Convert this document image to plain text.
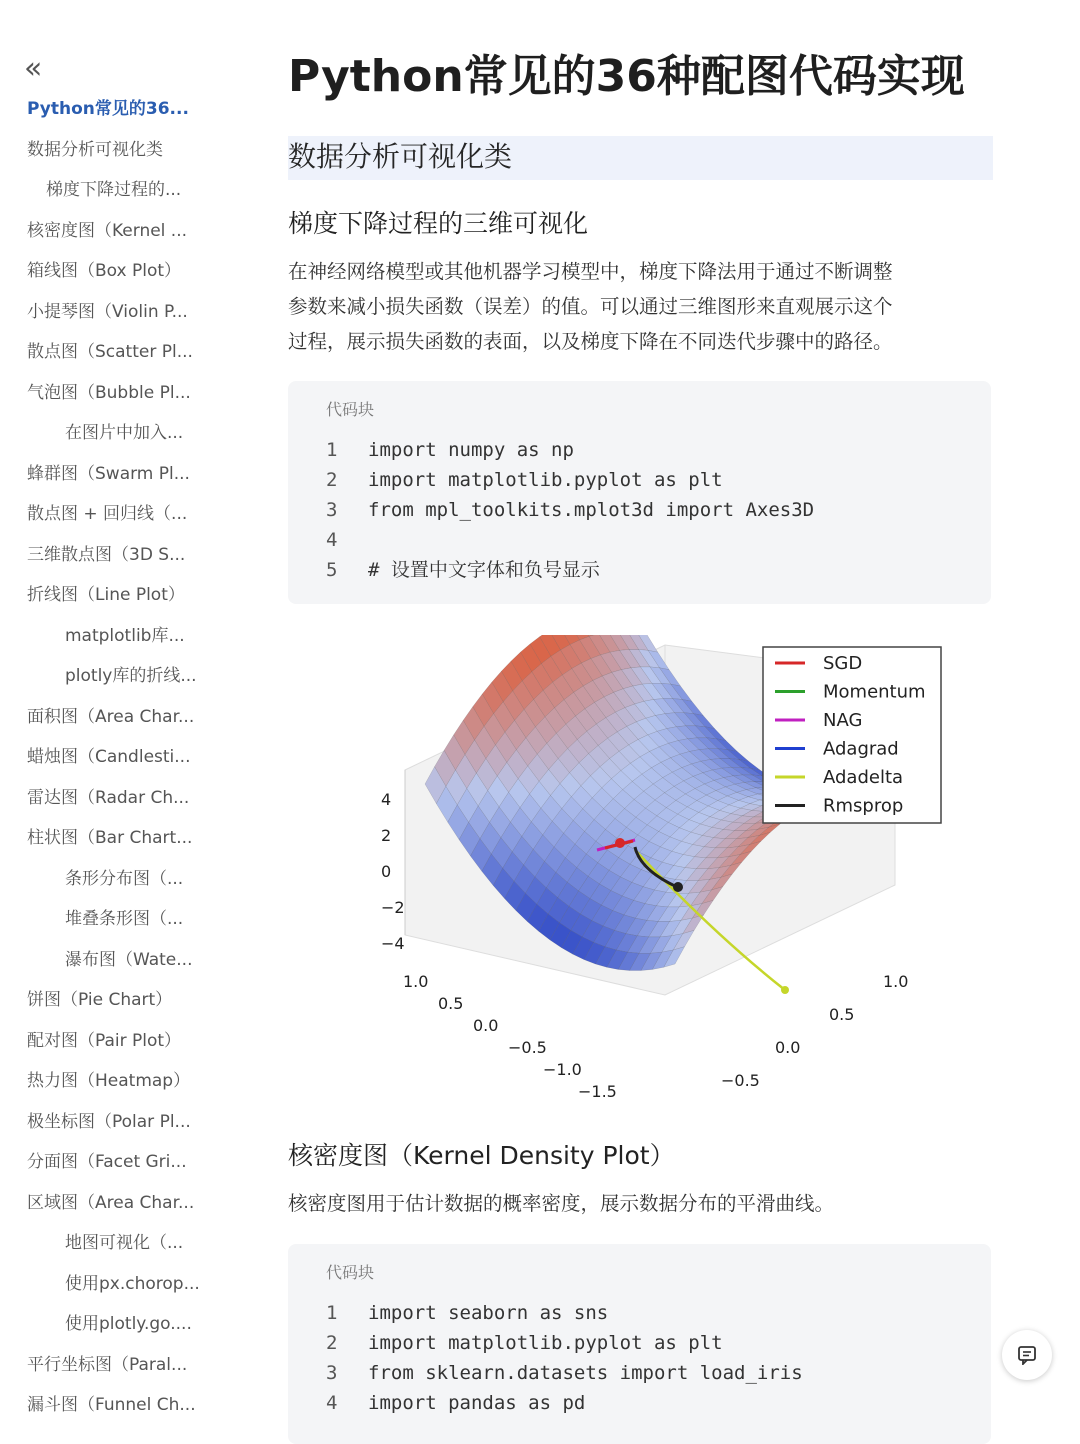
«
Python常见的36...
数据分析可视化类
梯度下降过程的...
核密度图（Kernel ...
箱线图（Box Plot）
小提琴图（Violin P...
散点图（Scatter Pl...
气泡图（Bubble Pl...
在图片中加入...
蜂群图（Swarm Pl...
散点图 + 回归线（...
三维散点图（3D S...
折线图（Line Plot）
matplotlib库...
plotly库的折线...
面积图（Area Char...
蜡烛图（Candlesti...
雷达图（Radar Ch...
柱状图（Bar Chart...
条形分布图（...
堆叠条形图（...
瀑布图（Wate...
饼图（Pie Chart）
配对图（Pair Plot）
热力图（Heatmap）
极坐标图（Polar Pl...
分面图（Facet Gri...
区域图（Area Char...
地图可视化（...
使用px.chorop...
使用plotly.go....
平行坐标图（Paral...
漏斗图（Funnel Ch...
Python常见的36种配图代码实现
数据分析可视化类
梯度下降过程的三维可视化
在神经网络模型或其他机器学习模型中，梯度下降法用于通过不断调整
参数来减小损失函数（误差）的值。可以通过三维图形来直观展示这个
过程，展示损失函数的表面，以及梯度下降在不同迭代步骤中的路径。
代码块
1 import numpy as np
2 import matplotlib.pyplot as plt
3 from mpl_toolkits.mplot3d import Axes3D
4
5 # 设置中文字体和负号显示
核密度图（Kernel Density Plot）
核密度图用于估计数据的概率密度，展示数据分布的平滑曲线。
代码块
1 import seaborn as sns
2 import matplotlib.pyplot as plt
3 from sklearn.datasets import load_iris
4 import pandas as pd
4
2
0
−2
−4
1.0
0.5
0.0
−0.5
−1.0
−1.5
1.0
0.5
0.0
−0.5
SGD
Momentum
NAG
Adagrad
Adadelta
Rmsprop
